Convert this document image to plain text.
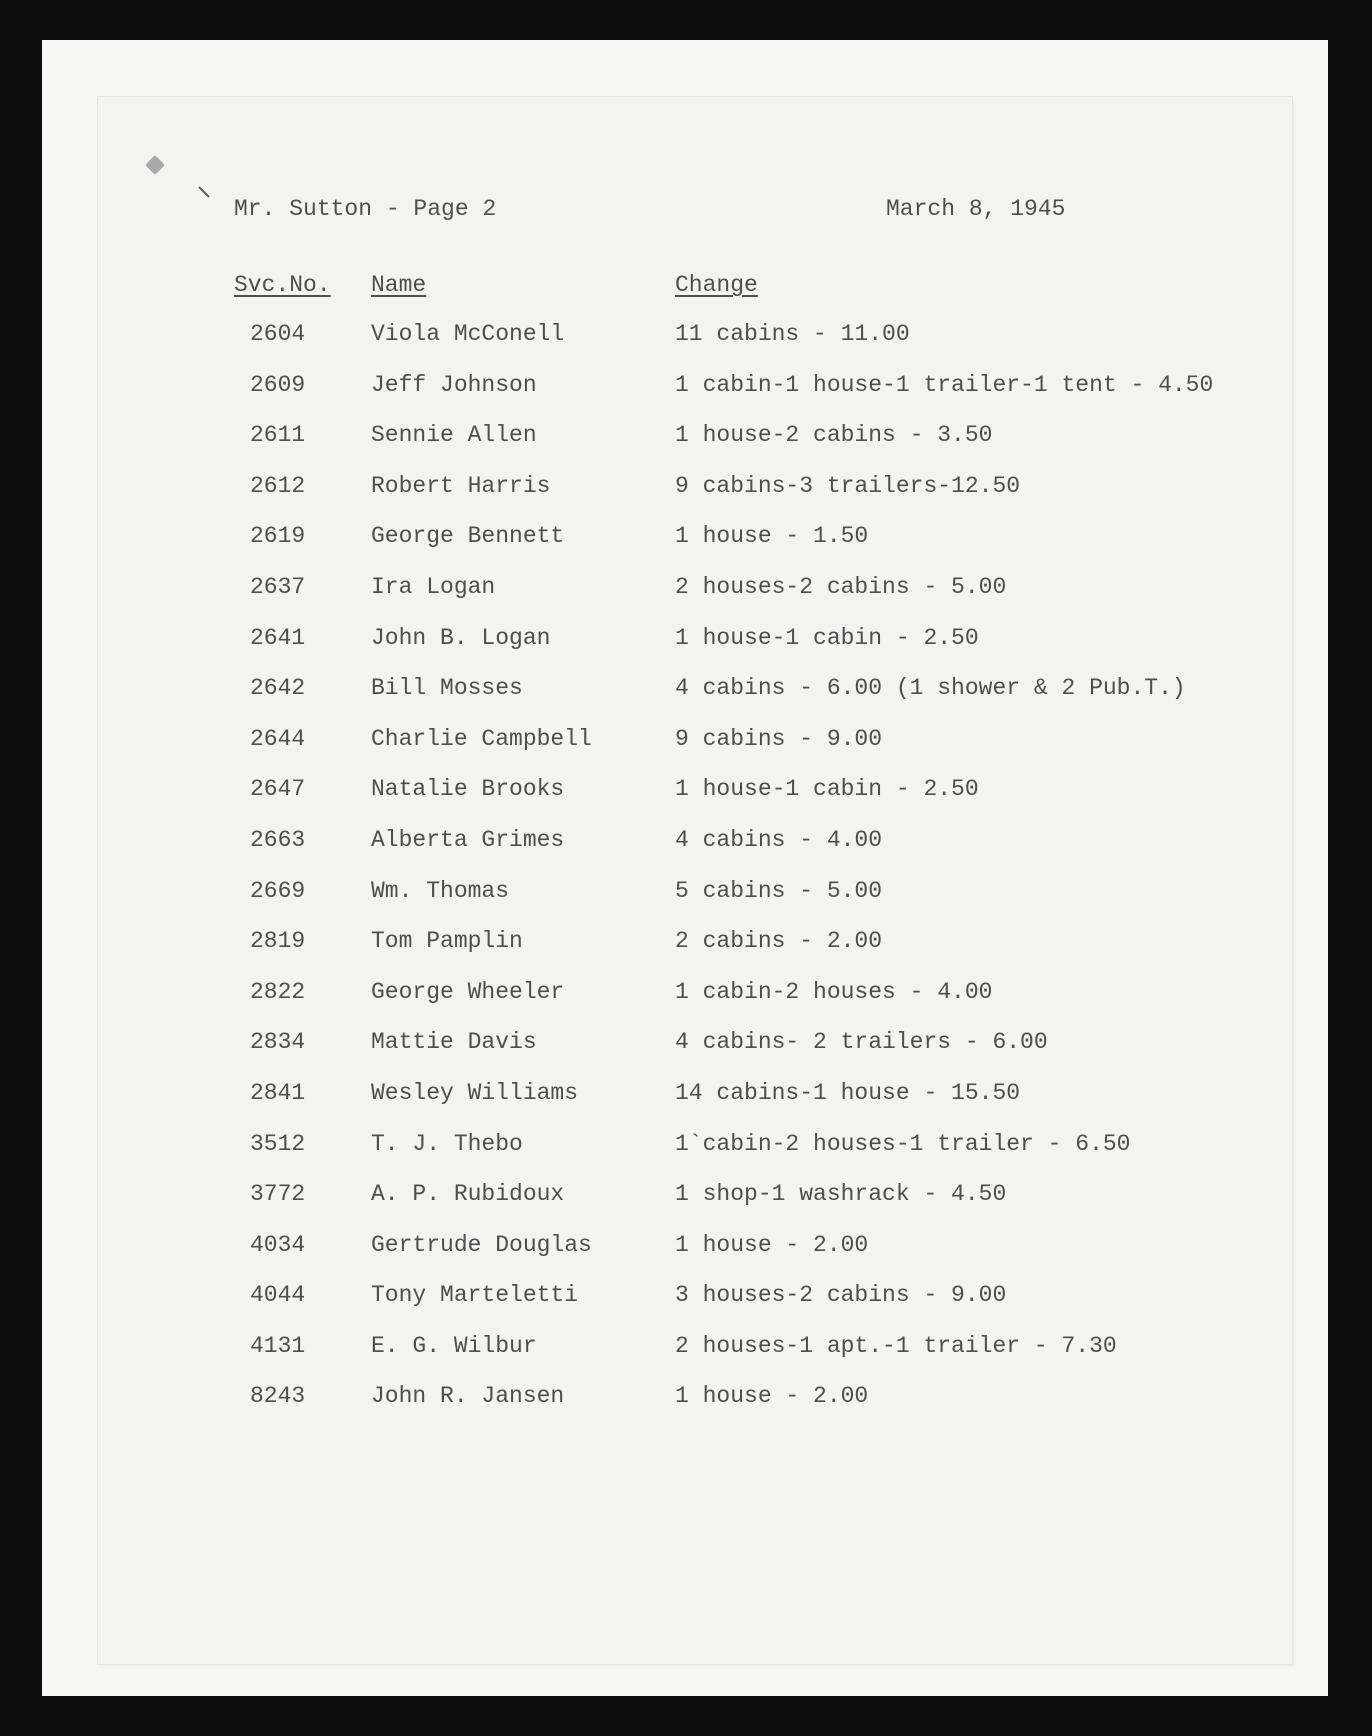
Mr. Sutton - Page 2	March 8, 1945
Svc.No. Name	Change
2604	Viola McConell	11 cabins - 11.00
2609	Jeff Johnson	1 cabin-1 house-1 trailer-1 tent - 4.50
2611	Sennie Allen	1 house-2 cabins - 3.50
2612	Robert Harris	9 cabins-3 trailers-12.50
2619	George Bennett	1 house - 1.50
2637	Ira Logan	2 houses-2 cabins - 5.00
2641	John B. Logan	1 house-1 cabin - 2.50
2642	Bill Mosses	4 cabins - 6.00 (1 shower & 2 Pub.T.)
2644	Charlie Campbell	9 cabins - 9.00
2647	Natalie Brooks	1 house-1 cabin - 2.50
2663	Alberta Grimes	4 cabins - 4.00
2669	Wm. Thomas	5 cabins - 5.00
2819	Tom Pamplin	2 cabins - 2.00
2822	George Wheeler	1 cabin-2 houses - 4.00
2834	Mattie Davis	4 cabins- 2 trailers - 6.00
2841	Wesley Williams	14 cabins-1 house - 15.50
3512	T. J. Thebo	1`cabin-2 houses-1 trailer - 6.50
3772	A. P. Rubidoux	1 shop-1 washrack - 4.50
4034	Gertrude Douglas	1 house - 2.00
4044	Tony Marteletti	3 houses-2 cabins - 9.00
4131	E. G. Wilbur	2 houses-1 apt.-1 trailer - 7.30
8243	John R. Jansen	1 house - 2.00
